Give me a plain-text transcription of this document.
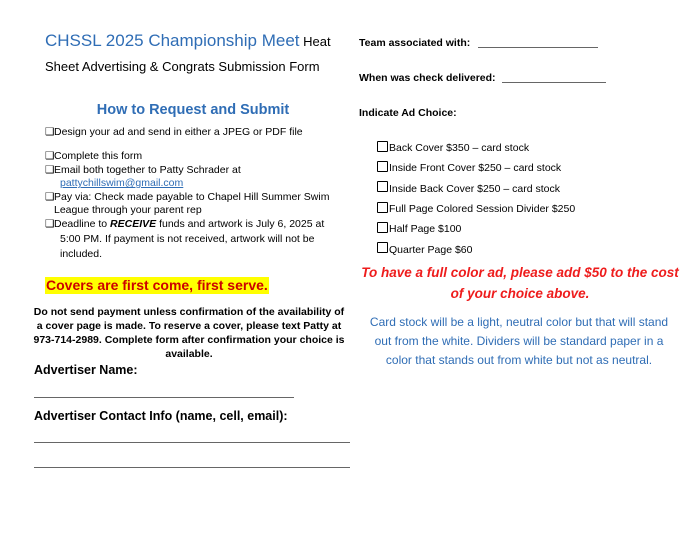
CHSSL 2025 Championship Meet Heat Sheet Advertising & Congrats Submission Form
How to Request and Submit
❑ Design your ad and send in either a JPEG or PDF file
❑ Complete this form
❑ Email both together to Patty Schrader at
pattychillswim@gmail.com
❑ Pay via: Check made payable to Chapel Hill Summer Swim League through your parent rep
❑ Deadline to RECEIVE funds and artwork is July 6, 2025 at
5:00 PM. If payment is not received, artwork will not be included.
Covers are first come, first serve.
Do not send payment unless confirmation of the availability of a cover page is made. To reserve a cover, please text Patty at 973-714-2989. Complete form after confirmation your choice is available.
Advertiser Name:
Advertiser Contact Info (name, cell, email):
Team associated with:
When was check delivered:
Indicate Ad Choice:
Back Cover $350 – card stock
Inside Front Cover $250 – card stock
Inside Back Cover $250 – card stock
Full Page Colored Session Divider $250
Half Page $100
Quarter Page $60
To have a full color ad, please add $50 to the cost of your choice above.
Card stock will be a light, neutral color but that will stand out from the white. Dividers will be standard paper in a color that stands out from white but not as neutral.
